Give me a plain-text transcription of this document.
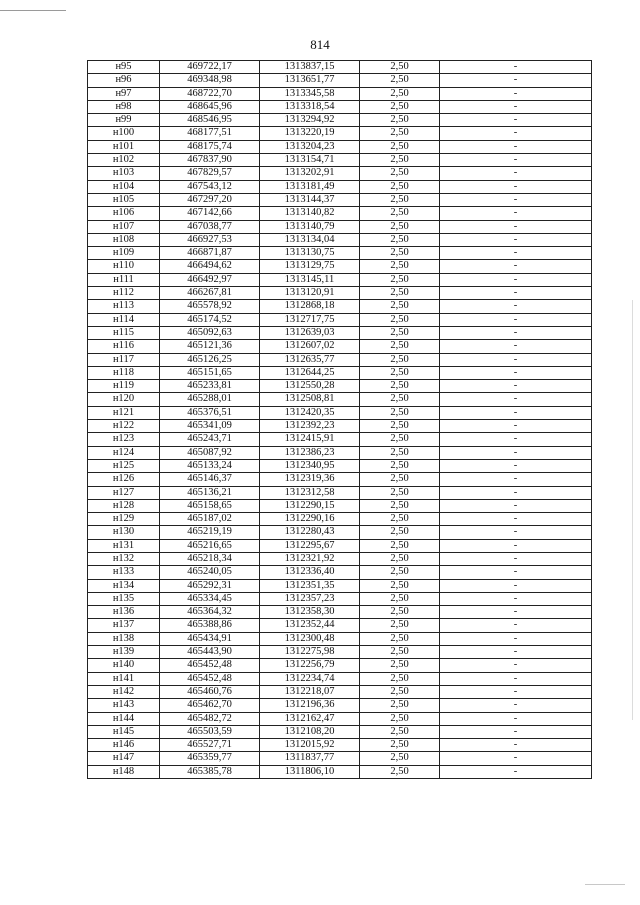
814
н95	469722,17	1313837,15	2,50	-
н96	469348,98	1313651,77	2,50	-
н97	468722,70	1313345,58	2,50	-
н98	468645,96	1313318,54	2,50	-
н99	468546,95	1313294,92	2,50	-
н100	468177,51	1313220,19	2,50	-
н101	468175,74	1313204,23	2,50	-
н102	467837,90	1313154,71	2,50	-
н103	467829,57	1313202,91	2,50	-
н104	467543,12	1313181,49	2,50	-
н105	467297,20	1313144,37	2,50	-
н106	467142,66	1313140,82	2,50	-
н107	467038,77	1313140,79	2,50	-
н108	466927,53	1313134,04	2,50	-
н109	466871,87	1313130,75	2,50	-
н110	466494,62	1313129,75	2,50	-
н111	466492,97	1313145,11	2,50	-
н112	466267,81	1313120,91	2,50	-
н113	465578,92	1312868,18	2,50	-
н114	465174,52	1312717,75	2,50	-
н115	465092,63	1312639,03	2,50	-
н116	465121,36	1312607,02	2,50	-
н117	465126,25	1312635,77	2,50	-
н118	465151,65	1312644,25	2,50	-
н119	465233,81	1312550,28	2,50	-
н120	465288,01	1312508,81	2,50	-
н121	465376,51	1312420,35	2,50	-
н122	465341,09	1312392,23	2,50	-
н123	465243,71	1312415,91	2,50	-
н124	465087,92	1312386,23	2,50	-
н125	465133,24	1312340,95	2,50	-
н126	465146,37	1312319,36	2,50	-
н127	465136,21	1312312,58	2,50	-
н128	465158,65	1312290,15	2,50	-
н129	465187,02	1312290,16	2,50	-
н130	465219,19	1312280,43	2,50	-
н131	465216,65	1312295,67	2,50	-
н132	465218,34	1312321,92	2,50	-
н133	465240,05	1312336,40	2,50	-
н134	465292,31	1312351,35	2,50	-
н135	465334,45	1312357,23	2,50	-
н136	465364,32	1312358,30	2,50	-
н137	465388,86	1312352,44	2,50	-
н138	465434,91	1312300,48	2,50	-
н139	465443,90	1312275,98	2,50	-
н140	465452,48	1312256,79	2,50	-
н141	465452,48	1312234,74	2,50	-
н142	465460,76	1312218,07	2,50	-
н143	465462,70	1312196,36	2,50	-
н144	465482,72	1312162,47	2,50	-
н145	465503,59	1312108,20	2,50	-
н146	465527,71	1312015,92	2,50	-
н147	465359,77	1311837,77	2,50	-
н148	465385,78	1311806,10	2,50	-
